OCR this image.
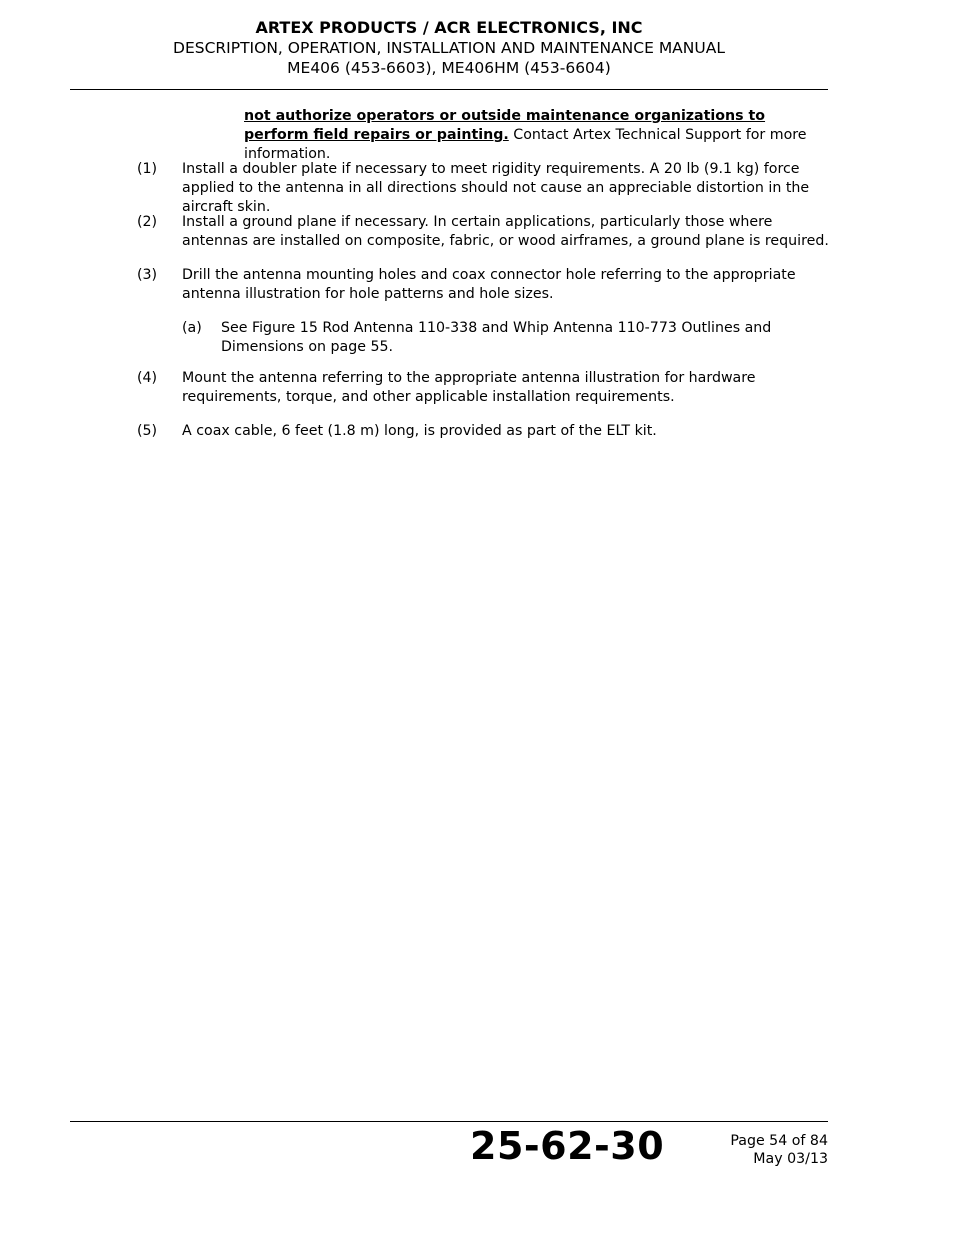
ARTEX PRODUCTS / ACR ELECTRONICS, INC
DESCRIPTION, OPERATION, INSTALLATION AND MAINTENANCE MANUAL
ME406 (453-6603), ME406HM (453-6604)
not authorize operators or outside maintenance organizations to perform field repairs or painting. Contact Artex Technical Support for more information.
(1) Install a doubler plate if necessary to meet rigidity requirements. A 20 lb (9.1 kg) force applied to the antenna in all directions should not cause an appreciable distortion in the aircraft skin.
(2) Install a ground plane if necessary. In certain applications, particularly those where antennas are installed on composite, fabric, or wood airframes, a ground plane is required.
(3) Drill the antenna mounting holes and coax connector hole referring to the appropriate antenna illustration for hole patterns and hole sizes.
(a) See Figure 15 Rod Antenna 110-338 and Whip Antenna 110-773 Outlines and Dimensions on page 55.
(4) Mount the antenna referring to the appropriate antenna illustration for hardware requirements, torque, and other applicable installation requirements.
(5) A coax cable, 6 feet (1.8 m) long, is provided as part of the ELT kit.
25-62-30	Page 54 of 84
May 03/13
